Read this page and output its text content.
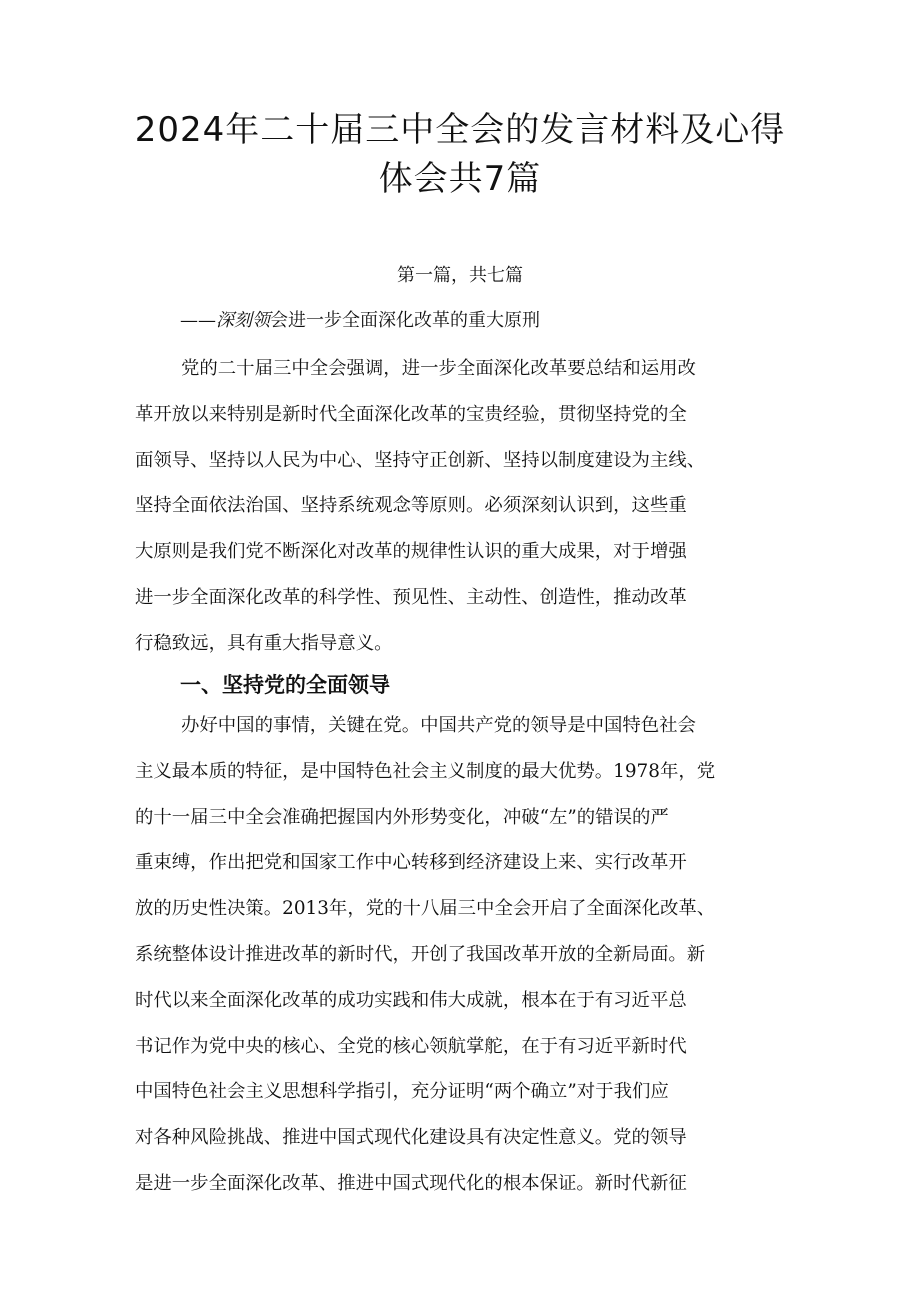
2024年二十届三中全会的发言材料及心得
体会共7篇
第一篇，共七篇
——深刻领会进一步全面深化改革的重大原刑
党的二十届三中全会强调，进一步全面深化改革要总结和运用改
革开放以来特别是新时代全面深化改革的宝贵经验，贯彻坚持党的全
面领导、坚持以人民为中心、坚持守正创新、坚持以制度建设为主线、
坚持全面依法治国、坚持系统观念等原则。必须深刻认识到，这些重
大原则是我们党不断深化对改革的规律性认识的重大成果，对于增强
进一步全面深化改革的科学性、预见性、主动性、创造性，推动改革
行稳致远，具有重大指导意义。
一、坚持党的全面领导
办好中国的事情，关键在党。中国共产党的领导是中国特色社会
主义最本质的特征，是中国特色社会主义制度的最大优势。1978年，党
的十一届三中全会准确把握国内外形势变化，冲破“左”的错误的严
重束缚，作出把党和国家工作中心转移到经济建设上来、实行改革开
放的历史性决策。2013年，党的十八届三中全会开启了全面深化改革、
系统整体设计推进改革的新时代，开创了我国改革开放的全新局面。新
时代以来全面深化改革的成功实践和伟大成就，根本在于有习近平总
书记作为党中央的核心、全党的核心领航掌舵，在于有习近平新时代
中国特色社会主义思想科学指引，充分证明“两个确立”对于我们应
对各种风险挑战、推进中国式现代化建设具有决定性意义。党的领导
是进一步全面深化改革、推进中国式现代化的根本保证。新时代新征
